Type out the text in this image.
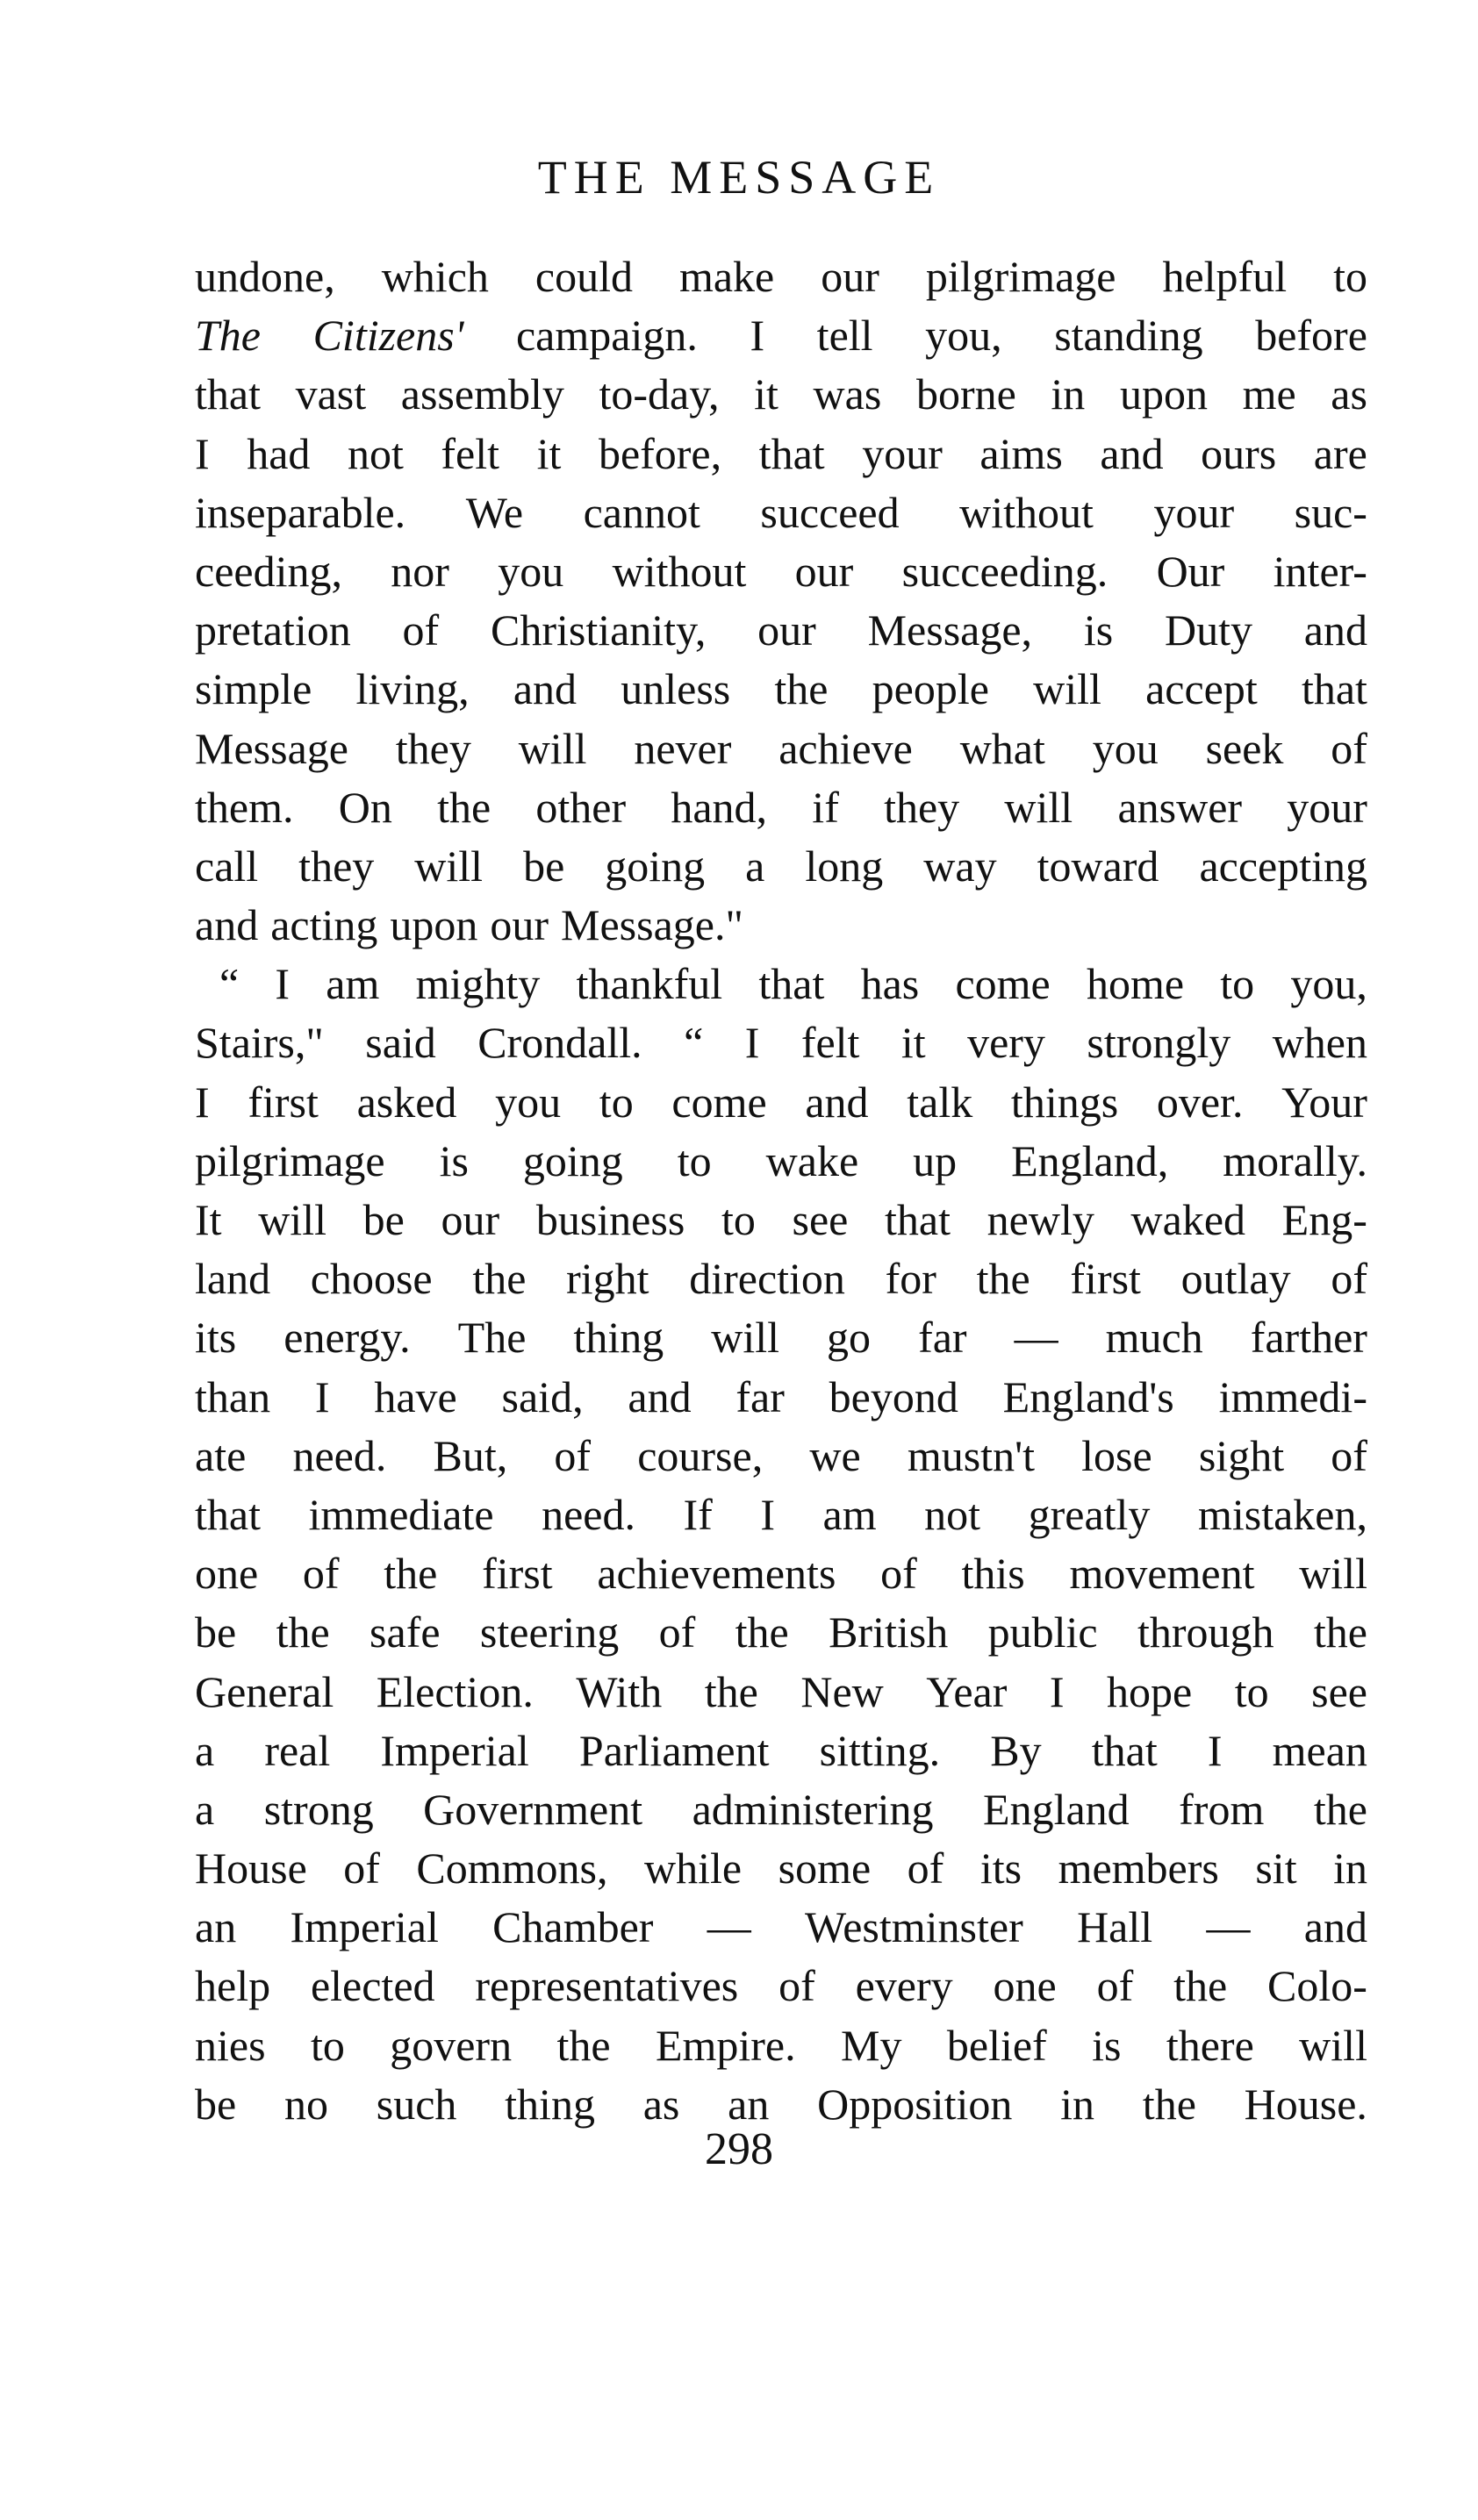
THE MESSAGE
undone, which could make our pilgrimage helpful to
The Citizens' campaign. I tell you, standing before
that vast assembly to-day, it was borne in upon me as
I had not felt it before, that your aims and ours are
inseparable. We cannot succeed without your suc-
ceeding, nor you without our succeeding. Our inter-
pretation of Christianity, our Message, is Duty and
simple living, and unless the people will accept that
Message they will never achieve what you seek of
them. On the other hand, if they will answer your
call they will be going a long way toward accepting
and acting upon our Message."
“ I am mighty thankful that has come home to you,
Stairs," said Crondall. “ I felt it very strongly when
I first asked you to come and talk things over. Your
pilgrimage is going to wake up England, morally.
It will be our business to see that newly waked Eng-
land choose the right direction for the first outlay of
its energy. The thing will go far — much farther
than I have said, and far beyond England's immedi-
ate need. But, of course, we mustn't lose sight of
that immediate need. If I am not greatly mistaken,
one of the first achievements of this movement will
be the safe steering of the British public through the
General Election. With the New Year I hope to see
a real Imperial Parliament sitting. By that I mean
a strong Government administering England from the
House of Commons, while some of its members sit in
an Imperial Chamber — Westminster Hall — and
help elected representatives of every one of the Colo-
nies to govern the Empire. My belief is there will
be no such thing as an Opposition in the House.
298
